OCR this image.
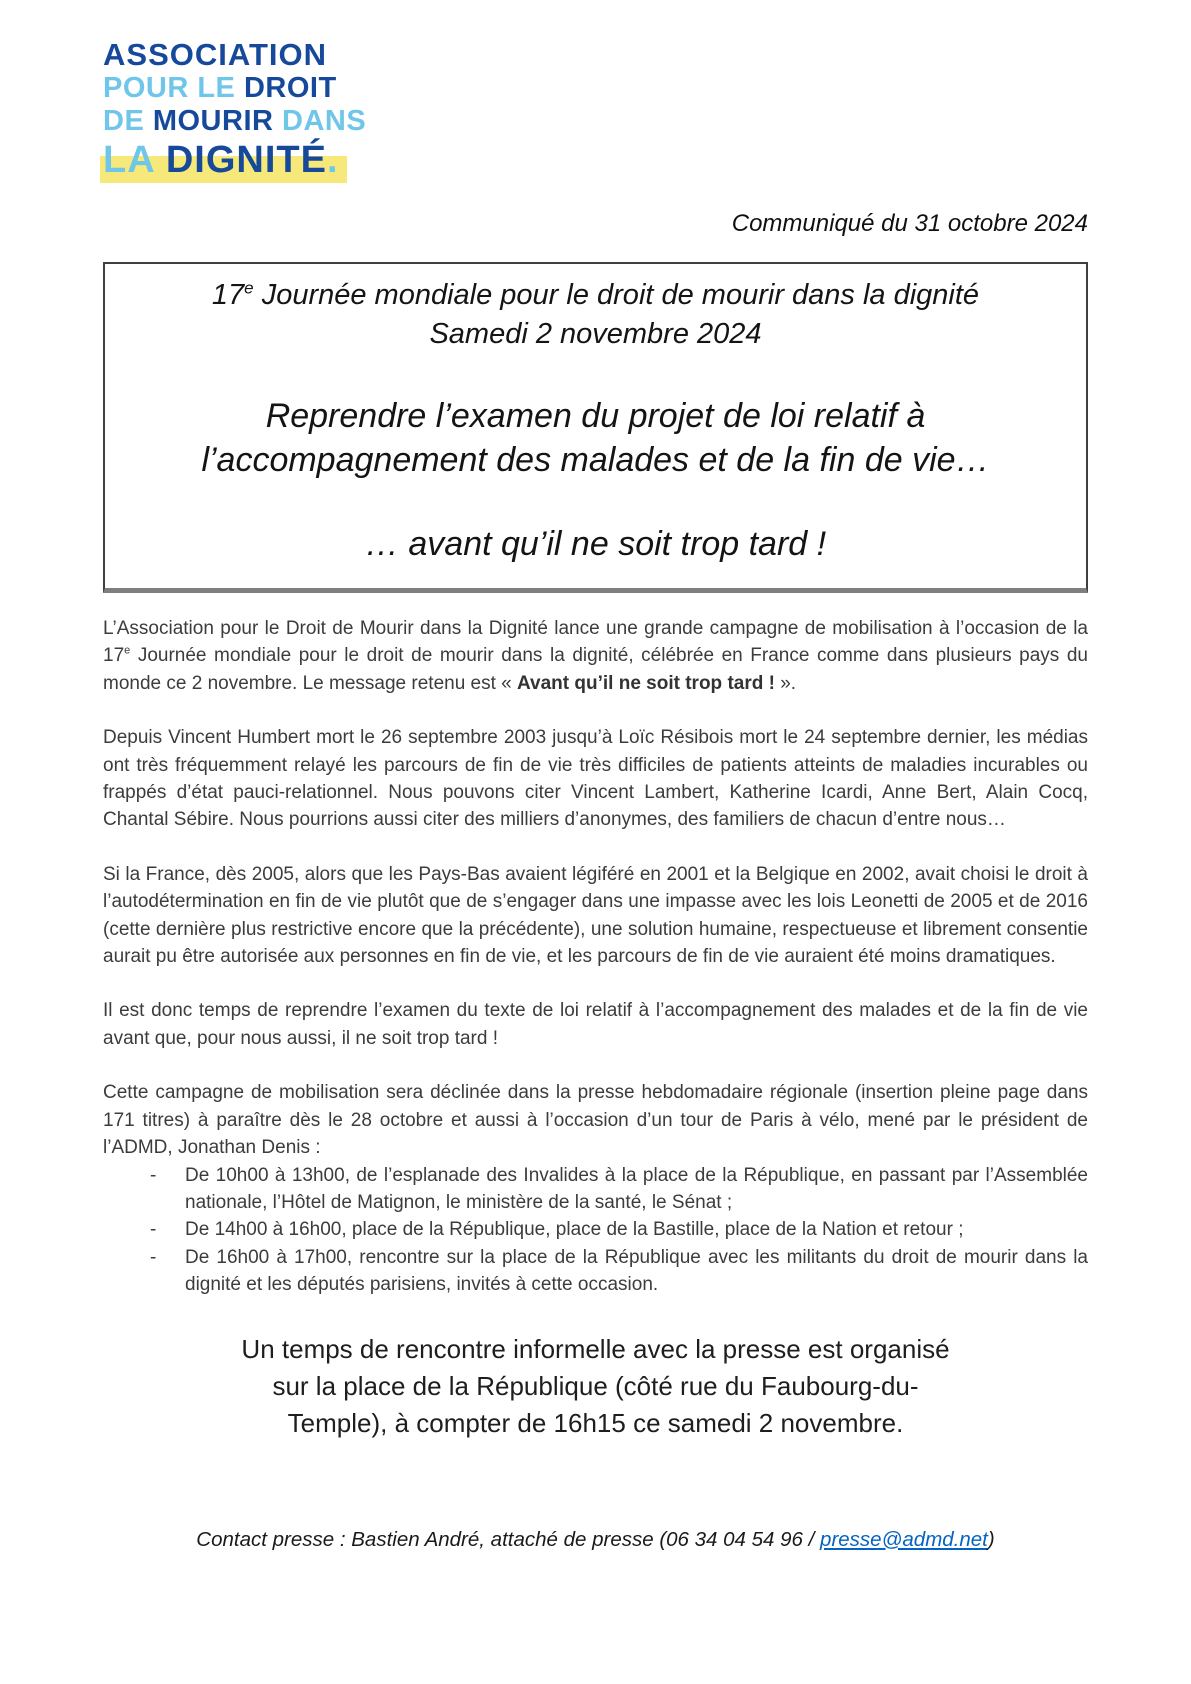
ASSOCIATION
POUR LE DROIT
DE MOURIR DANS
LA DIGNITÉ.
Communiqué du 31 octobre 2024
17e Journée mondiale pour le droit de mourir dans la dignité
Samedi 2 novembre 2024
Reprendre l’examen du projet de loi relatif à
l’accompagnement des malades et de la fin de vie…
… avant qu’il ne soit trop tard !

L’Association pour le Droit de Mourir dans la Dignité lance une grande campagne de mobilisation à l’occasion de la 17e Journée mondiale pour le droit de mourir dans la dignité, célébrée en France comme dans plusieurs pays du monde ce 2 novembre. Le message retenu est « Avant qu’il ne soit trop tard ! ».

Depuis Vincent Humbert mort le 26 septembre 2003 jusqu’à Loïc Résibois mort le 24 septembre dernier, les médias ont très fréquemment relayé les parcours de fin de vie très difficiles de patients atteints de maladies incurables ou frappés d’état pauci-relationnel. Nous pouvons citer Vincent Lambert, Katherine Icardi, Anne Bert, Alain Cocq, Chantal Sébire. Nous pourrions aussi citer des milliers d’anonymes, des familiers de chacun d’entre nous…

Si la France, dès 2005, alors que les Pays-Bas avaient légiféré en 2001 et la Belgique en 2002, avait choisi le droit à l’autodétermination en fin de vie plutôt que de s’engager dans une impasse avec les lois Leonetti de 2005 et de 2016 (cette dernière plus restrictive encore que la précédente), une solution humaine, respectueuse et librement consentie aurait pu être autorisée aux personnes en fin de vie, et les parcours de fin de vie auraient été moins dramatiques.

Il est donc temps de reprendre l’examen du texte de loi relatif à l’accompagnement des malades et de la fin de vie avant que, pour nous aussi, il ne soit trop tard !

Cette campagne de mobilisation sera déclinée dans la presse hebdomadaire régionale (insertion pleine page dans 171 titres) à paraître dès le 28 octobre et aussi à l’occasion d’un tour de Paris à vélo, mené par le président de l’ADMD, Jonathan Denis :

- De 10h00 à 13h00, de l’esplanade des Invalides à la place de la République, en passant par l’Assemblée nationale, l’Hôtel de Matignon, le ministère de la santé, le Sénat ;
- De 14h00 à 16h00, place de la République, place de la Bastille, place de la Nation et retour ;
- De 16h00 à 17h00, rencontre sur la place de la République avec les militants du droit de mourir dans la dignité et les députés parisiens, invités à cette occasion.
Un temps de rencontre informelle avec la presse est organisé
sur la place de la République (côté rue du Faubourg-du-
Temple), à compter de 16h15 ce samedi 2 novembre.
Contact presse : Bastien André, attaché de presse (06 34 04 54 96 / presse@admd.net)
